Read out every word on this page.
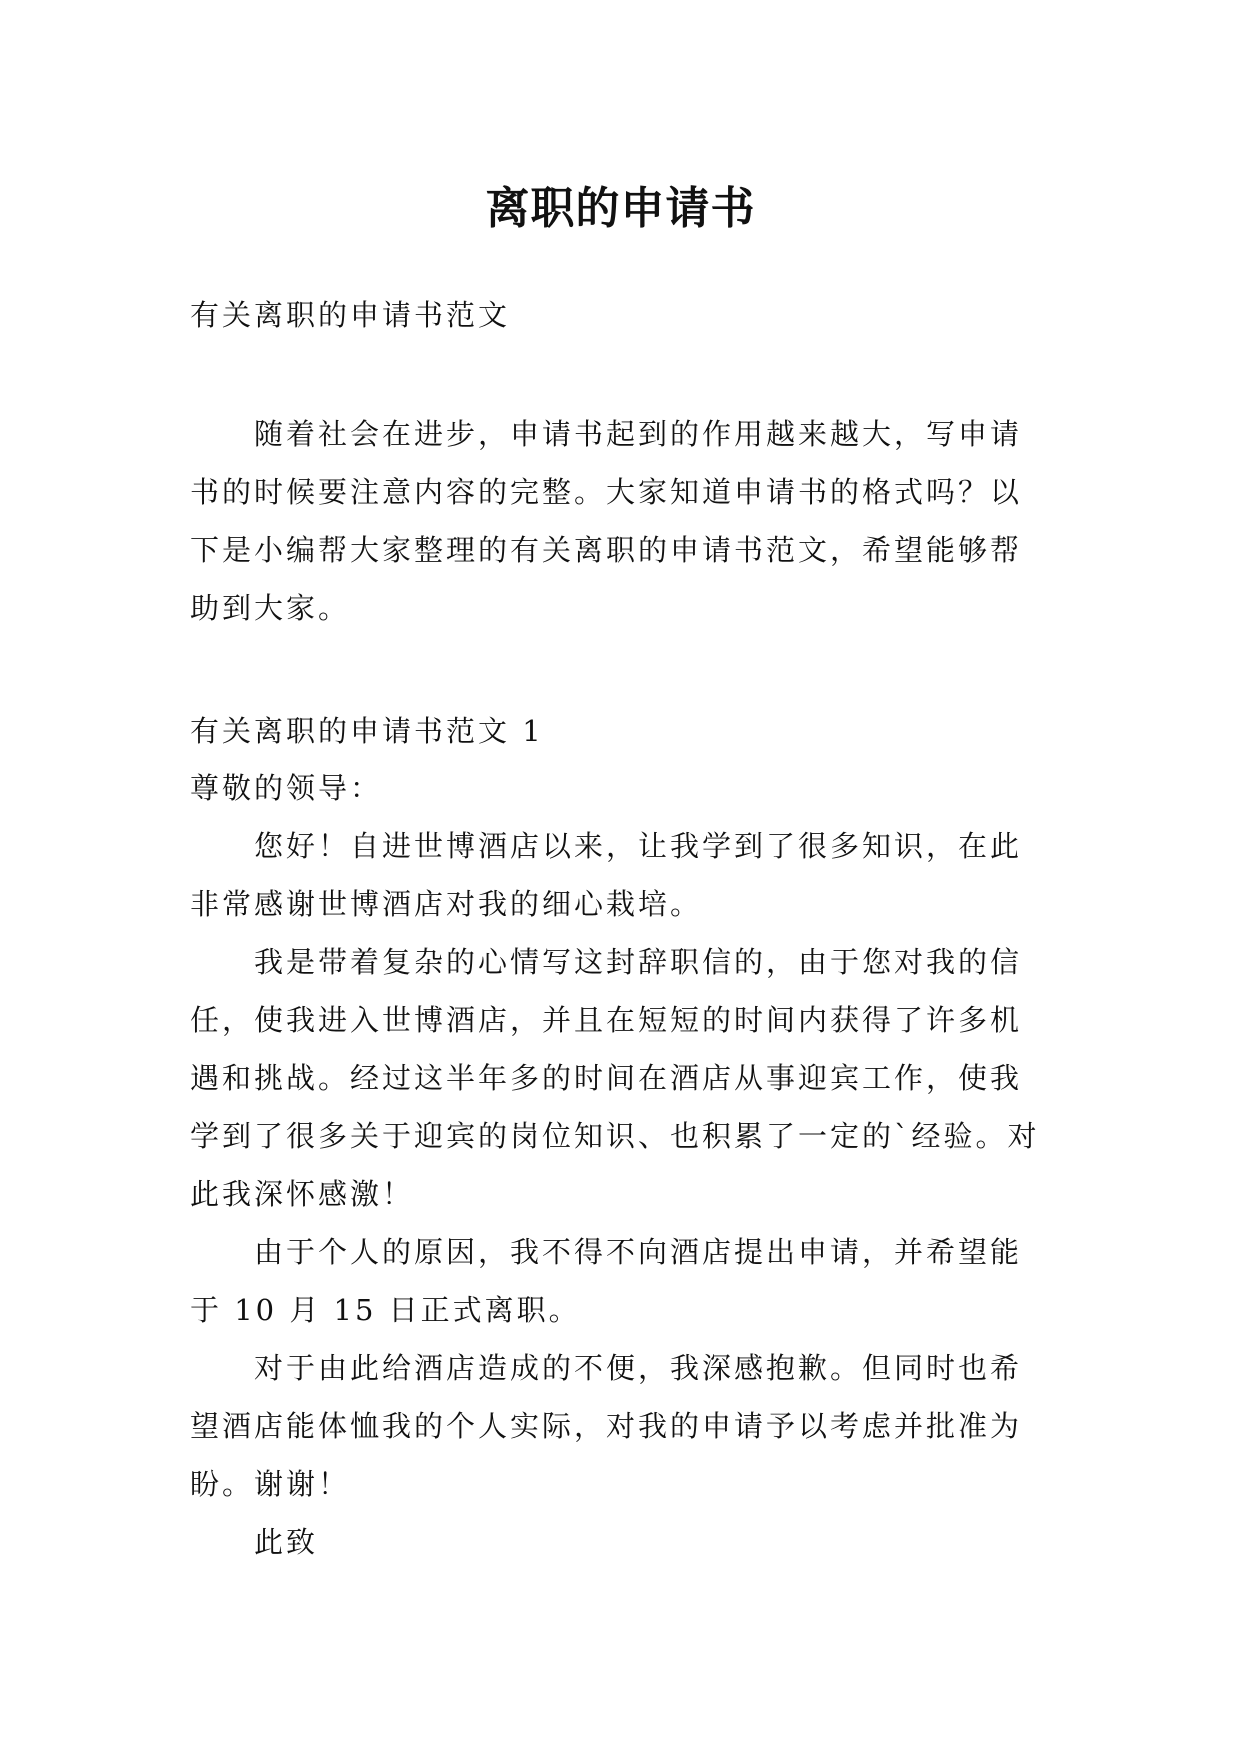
离职的申请书
有关离职的申请书范文

随着社会在进步，申请书起到的作用越来越大，写申请书的时候要注意内容的完整。大家知道申请书的格式吗？以下是小编帮大家整理的有关离职的申请书范文，希望能够帮助到大家。

有关离职的申请书范文 1

尊敬的领导：

您好！自进世博酒店以来，让我学到了很多知识，在此非常感谢世博酒店对我的细心栽培。

我是带着复杂的心情写这封辞职信的，由于您对我的信任，使我进入世博酒店，并且在短短的时间内获得了许多机遇和挑战。经过这半年多的时间在酒店从事迎宾工作，使我学到了很多关于迎宾的岗位知识、也积累了一定的`经验。对此我深怀感激！

由于个人的原因，我不得不向酒店提出申请，并希望能于 10 月 15 日正式离职。

对于由此给酒店造成的不便，我深感抱歉。但同时也希望酒店能体恤我的个人实际，对我的申请予以考虑并批准为盼。谢谢！

此致
